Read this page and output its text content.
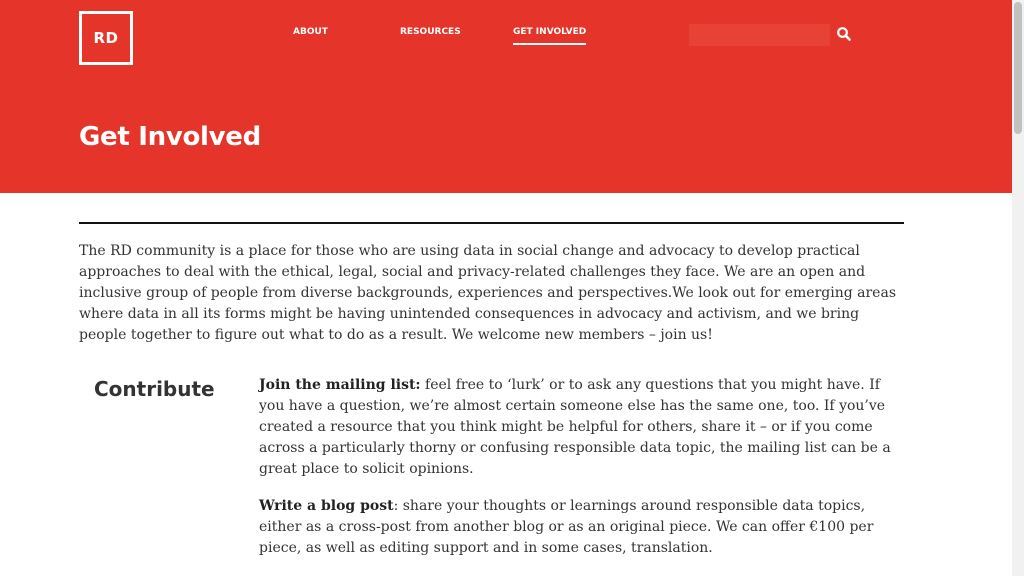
RD	ABOUT	RESOURCES	GET INVOLVED
Get Involved

The RD community is a place for those who are using data in social change and advocacy to develop practical approaches to deal with the ethical, legal, social and privacy-related challenges they face. We are an open and inclusive group of people from diverse backgrounds, experiences and perspectives.We look out for emerging areas where data in all its forms might be having unintended consequences in advocacy and activism, and we bring people together to figure out what to do as a result. We welcome new members – join us!

Contribute	Join the mailing list: feel free to ‘lurk’ or to ask any questions that you might have. If you have a question, we’re almost certain someone else has the same one, too. If you’ve created a resource that you think might be helpful for others, share it – or if you come across a particularly thorny or confusing responsible data topic, the mailing list can be a great place to solicit opinions.

Write a blog post: share your thoughts or learnings around responsible data topics, either as a cross-post from another blog or as an original piece. We can offer €100 per piece, as well as editing support and in some cases, translation.
